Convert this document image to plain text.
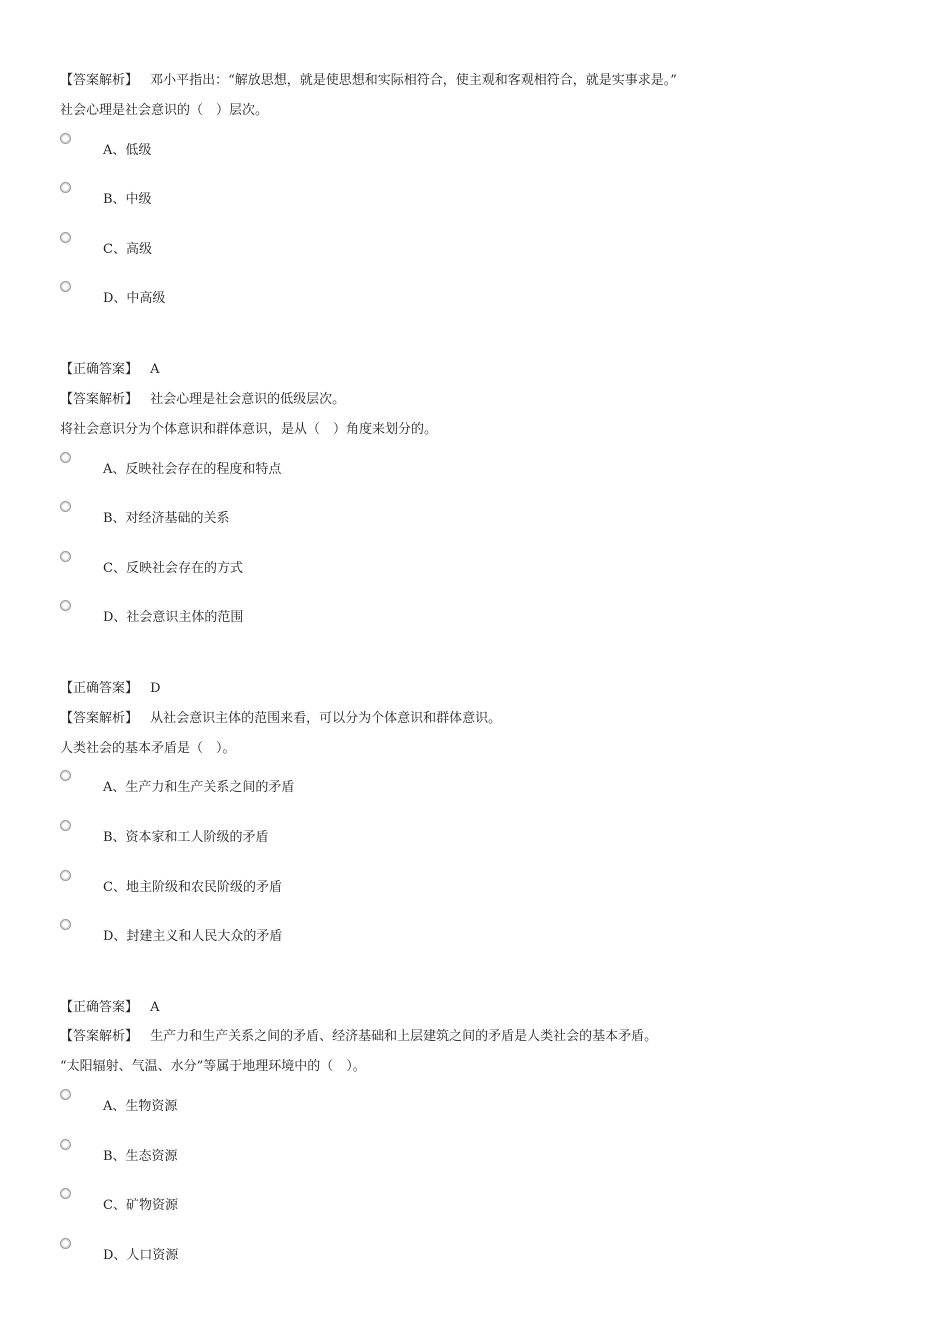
【答案解析】 邓小平指出：“解放思想，就是使思想和实际相符合，使主观和客观相符合，就是实事求是。”
社会心理是社会意识的（　）层次。
A、低级
B、中级
C、高级
D、中高级
【正确答案】 A
【答案解析】 社会心理是社会意识的低级层次。
将社会意识分为个体意识和群体意识，是从（　）角度来划分的。
A、反映社会存在的程度和特点
B、对经济基础的关系
C、反映社会存在的方式
D、社会意识主体的范围
【正确答案】 D
【答案解析】 从社会意识主体的范围来看，可以分为个体意识和群体意识。
人类社会的基本矛盾是（　）。
A、生产力和生产关系之间的矛盾
B、资本家和工人阶级的矛盾
C、地主阶级和农民阶级的矛盾
D、封建主义和人民大众的矛盾
【正确答案】 A
【答案解析】 生产力和生产关系之间的矛盾、经济基础和上层建筑之间的矛盾是人类社会的基本矛盾。
“太阳辐射、气温、水分”等属于地理环境中的（　）。
A、生物资源
B、生态资源
C、矿物资源
D、人口资源
